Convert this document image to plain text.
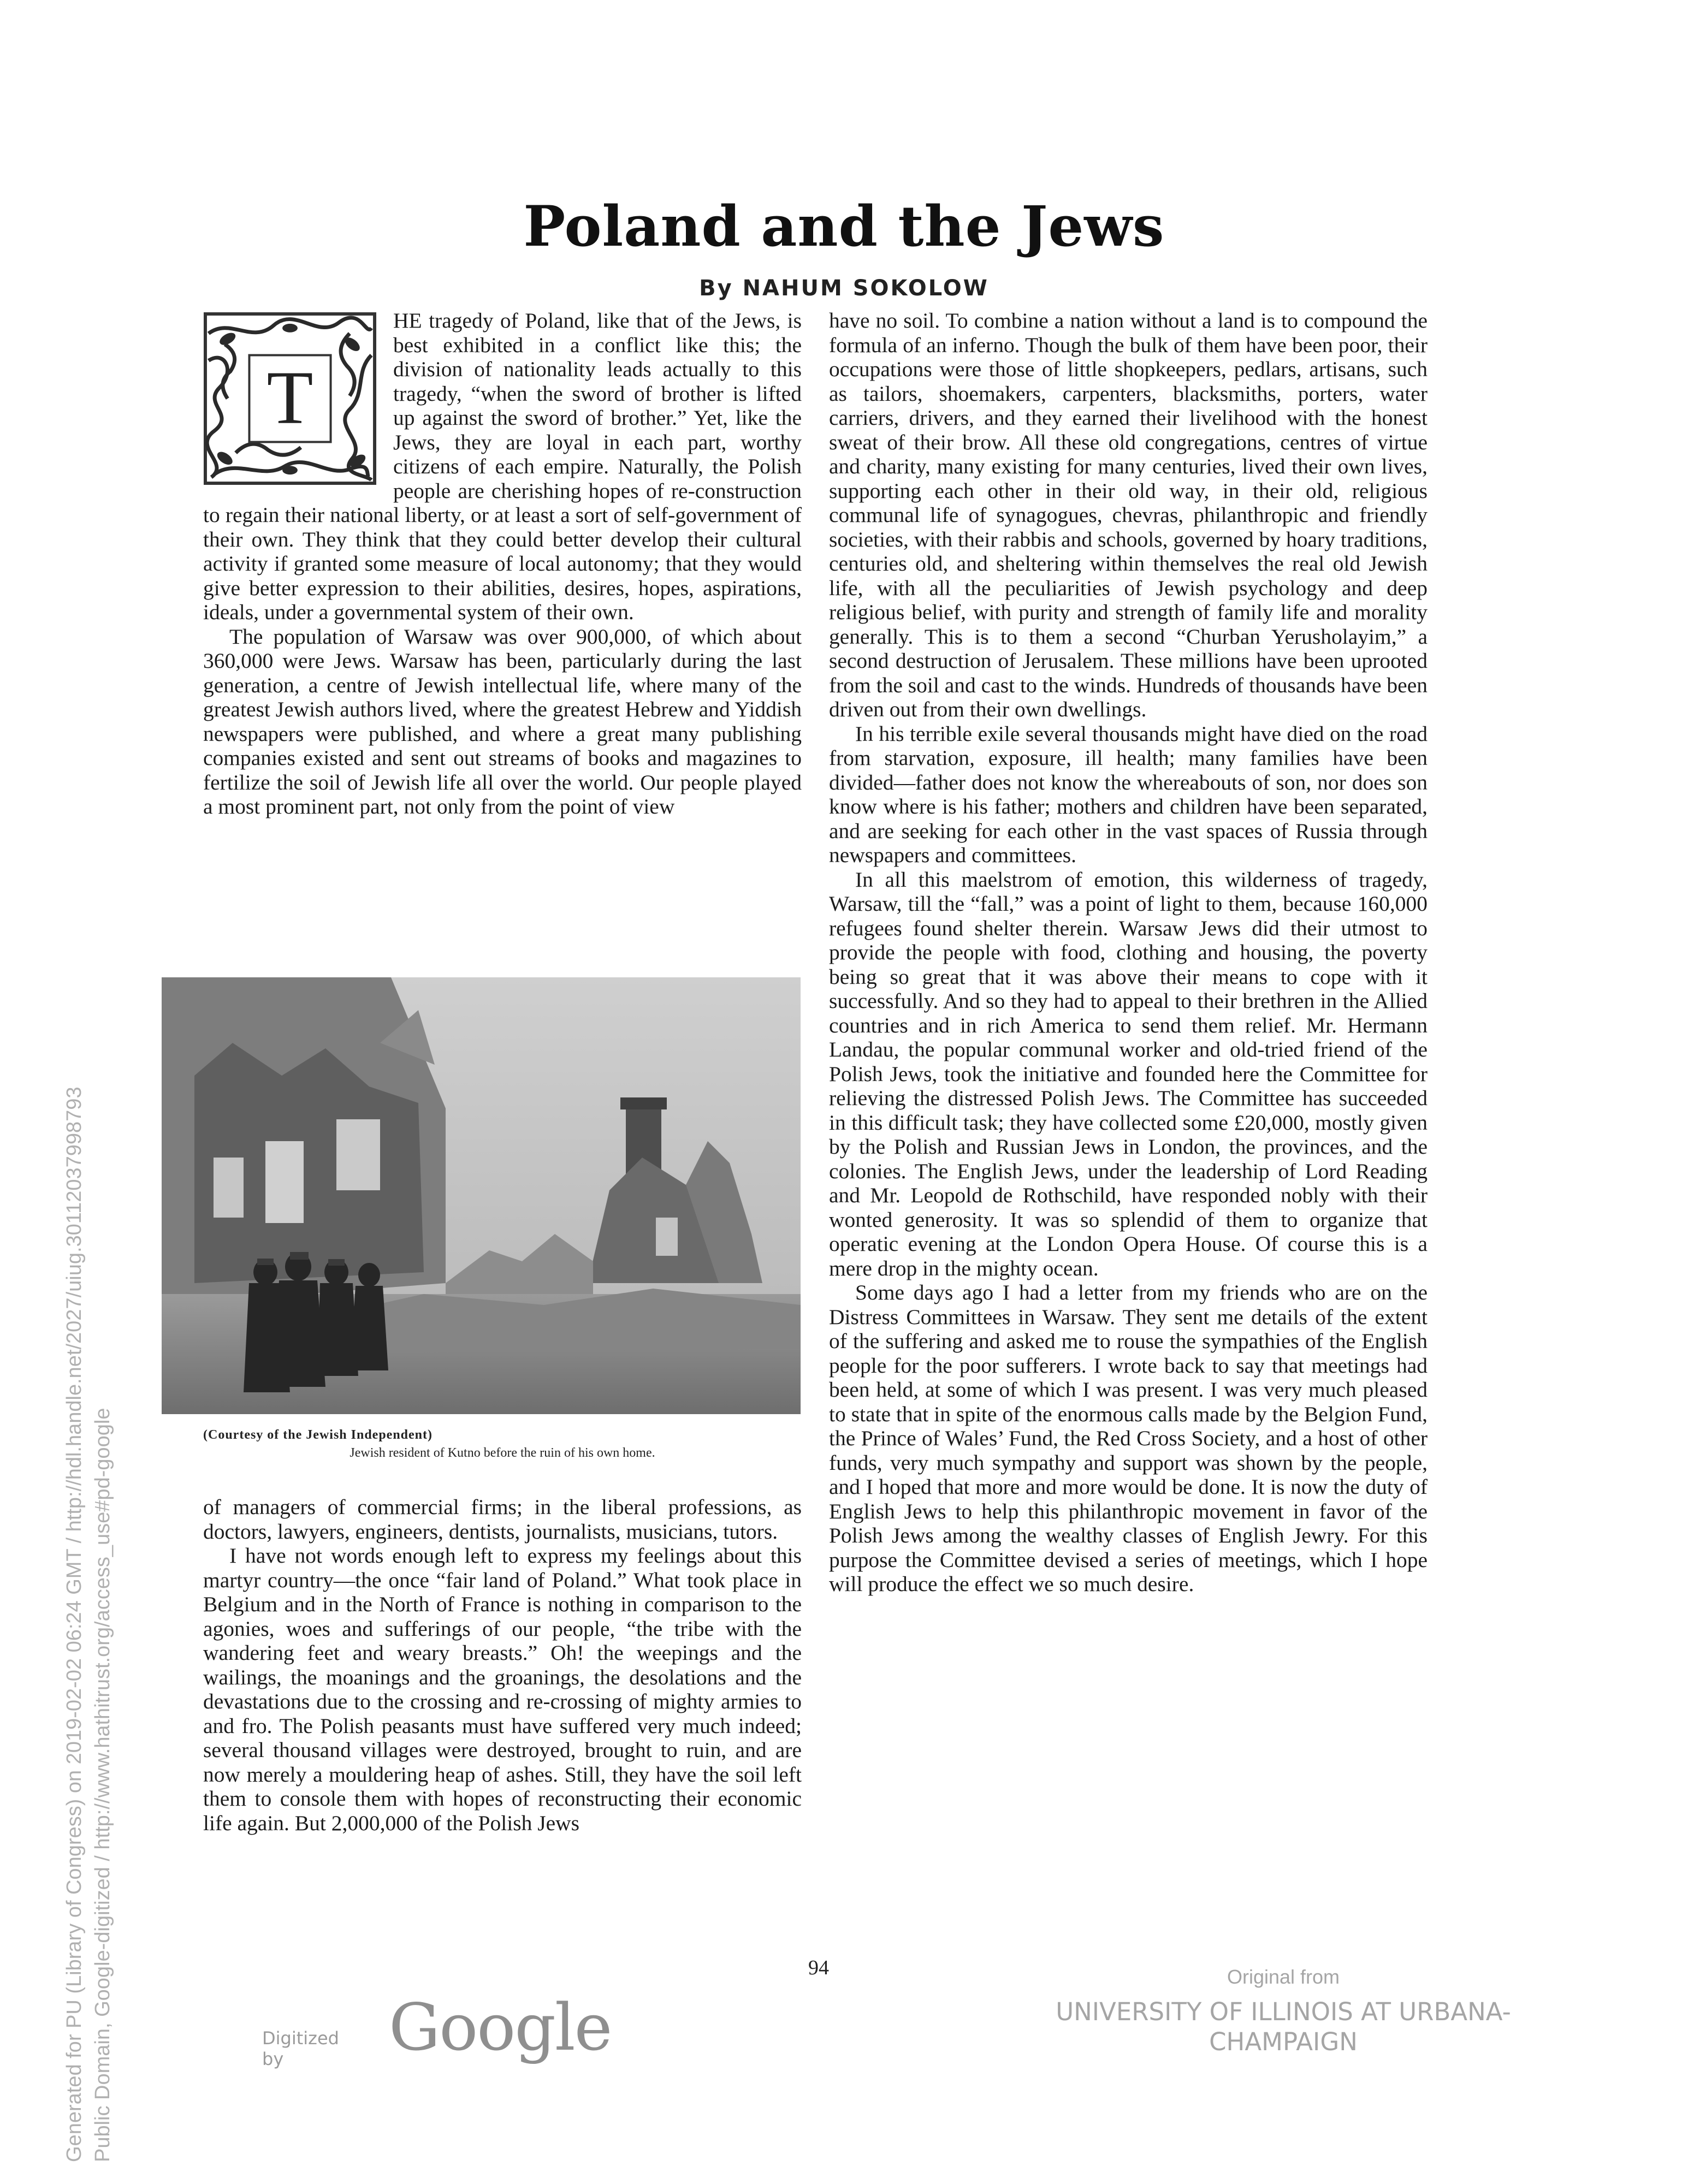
Poland and the Jews
By NAHUM SOKOLOW
T

HE tragedy of Poland, like that of the Jews, is best exhibited in a conflict like this; the division of nationality leads actually to this tragedy, “when the sword of brother is lifted up against the sword of brother.” Yet, like the Jews, they are loyal in each part, worthy citizens of each empire. Naturally, the Polish people are cherishing hopes of re-construction to regain their national liberty, or at least a sort of self-government of their own. They think that they could better develop their cultural activity if granted some measure of local autonomy; that they would give better expression to their abilities, desires, hopes, aspirations, ideals, under a governmental system of their own.

The population of Warsaw was over 900,000, of which about 360,000 were Jews. Warsaw has been, particularly during the last generation, a centre of Jewish intellectual life, where many of the greatest Jewish authors lived, where the greatest Hebrew and Yiddish newspapers were published, and where a great many publishing companies existed and sent out streams of books and magazines to fertilize the soil of Jewish life all over the world. Our people played a most prominent part, not only from the point of view

(Courtesy of the Jewish Independent)
Jewish resident of Kutno before the ruin of his own home.

of managers of commercial firms; in the liberal professions, as doctors, lawyers, engineers, dentists, journalists, musicians, tutors.

I have not words enough left to express my feelings about this martyr country—the once “fair land of Poland.” What took place in Belgium and in the North of France is nothing in comparison to the agonies, woes and sufferings of our people, “the tribe with the wandering feet and weary breasts.” Oh! the weepings and the wailings, the moanings and the groanings, the desolations and the devastations due to the crossing and re-crossing of mighty armies to and fro. The Polish peasants must have suffered very much indeed; several thousand villages were destroyed, brought to ruin, and are now merely a mouldering heap of ashes. Still, they have the soil left them to console them with hopes of reconstructing their economic life again. But 2,000,000 of the Polish Jews

have no soil. To combine a nation without a land is to compound the formula of an inferno. Though the bulk of them have been poor, their occupations were those of little shopkeepers, pedlars, artisans, such as tailors, shoemakers, carpenters, blacksmiths, porters, water carriers, drivers, and they earned their livelihood with the honest sweat of their brow. All these old congregations, centres of virtue and charity, many existing for many centuries, lived their own lives, supporting each other in their old way, in their old, religious communal life of synagogues, chevras, philanthropic and friendly societies, with their rabbis and schools, governed by hoary traditions, centuries old, and sheltering within themselves the real old Jewish life, with all the peculiarities of Jewish psychology and deep religious belief, with purity and strength of family life and morality generally. This is to them a second “Churban Yerusholayim,” a second destruction of Jerusalem. These millions have been uprooted from the soil and cast to the winds. Hundreds of thousands have been driven out from their own dwellings.

In his terrible exile several thousands might have died on the road from starvation, exposure, ill health; many families have been divided—father does not know the whereabouts of son, nor does son know where is his father; mothers and children have been separated, and are seeking for each other in the vast spaces of Russia through newspapers and committees.

In all this maelstrom of emotion, this wilderness of tragedy, Warsaw, till the “fall,” was a point of light to them, because 160,000 refugees found shelter therein. Warsaw Jews did their utmost to provide the people with food, clothing and housing, the poverty being so great that it was above their means to cope with it successfully. And so they had to appeal to their brethren in the Allied countries and in rich America to send them relief. Mr. Hermann Landau, the popular communal worker and old-tried friend of the Polish Jews, took the initiative and founded here the Committee for relieving the distressed Polish Jews. The Committee has succeeded in this difficult task; they have collected some £20,000, mostly given by the Polish and Russian Jews in London, the provinces, and the colonies. The English Jews, under the leadership of Lord Reading and Mr. Leopold de Rothschild, have responded nobly with their wonted generosity. It was so splendid of them to organize that operatic evening at the London Opera House. Of course this is a mere drop in the mighty ocean.

Some days ago I had a letter from my friends who are on the Distress Committees in Warsaw. They sent me details of the extent of the suffering and asked me to rouse the sympathies of the English people for the poor sufferers. I wrote back to say that meetings had been held, at some of which I was present. I was very much pleased to state that in spite of the enormous calls made by the Belgion Fund, the Prince of Wales’ Fund, the Red Cross Society, and a host of other funds, very much sympathy and support was shown by the people, and I hoped that more and more would be done. It is now the duty of English Jews to help this philanthropic movement in favor of the Polish Jews among the wealthy classes of English Jewry. For this purpose the Committee devised a series of meetings, which I hope will produce the effect we so much desire.

94
Generated for PU (Library of Congress) on 2019-02-02 06:24 GMT / http://hdl.handle.net/2027/uiug.30112037998793 Public Domain, Google-digitized / http://www.hathitrust.org/access_use#pd-google	Digitized by	Google
Original from
UNIVERSITY OF ILLINOIS AT URBANA-CHAMPAIGN
